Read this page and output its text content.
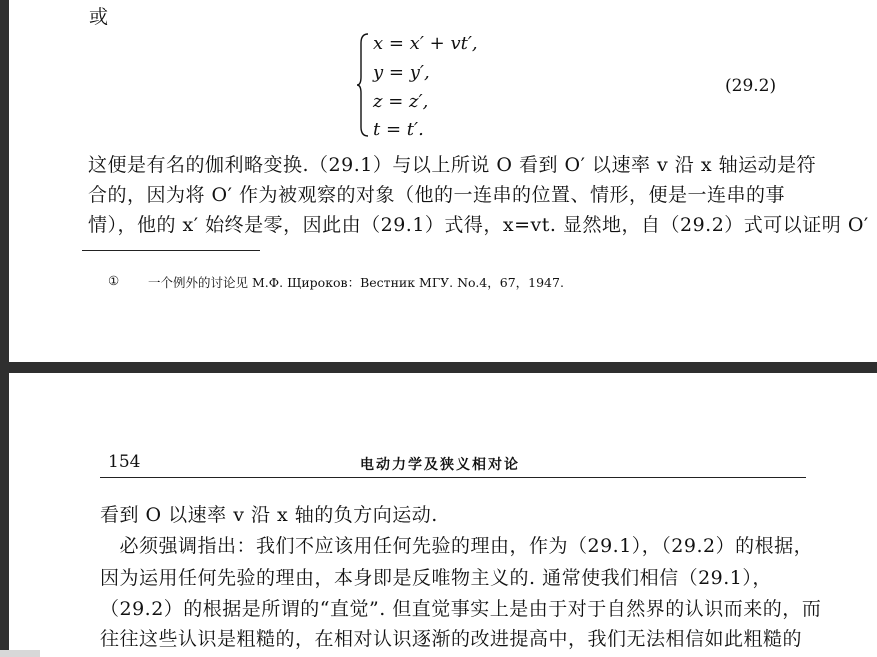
或
x = x′ + vt′,
y = y′,
z = z′,
t = t′.
(29.2)
这便是有名的伽利略变换.（29.1）与以上所说 O 看到 O′ 以速率 v 沿 x 轴运动是符
合的，因为将 O′ 作为被观察的对象（他的一连串的位置、情形，便是一连串的事
情），他的 x′ 始终是零，因此由（29.1）式得，x=vt. 显然地，自（29.2）式可以证明 O′
① 一个例外的讨论见 М.Ф. Щироков：Вестник МГУ. No.4，67，1947.
154	电动力学及狭义相对论
看到 O 以速率 v 沿 x 轴的负方向运动.
　必须强调指出：我们不应该用任何先验的理由，作为（29.1），（29.2）的根据，
因为运用任何先验的理由，本身即是反唯物主义的. 通常使我们相信（29.1），
（29.2）的根据是所谓的“直觉”. 但直觉事实上是由于对于自然界的认识而来的，而
往往这些认识是粗糙的，在相对认识逐渐的改进提高中，我们无法相信如此粗糙的
